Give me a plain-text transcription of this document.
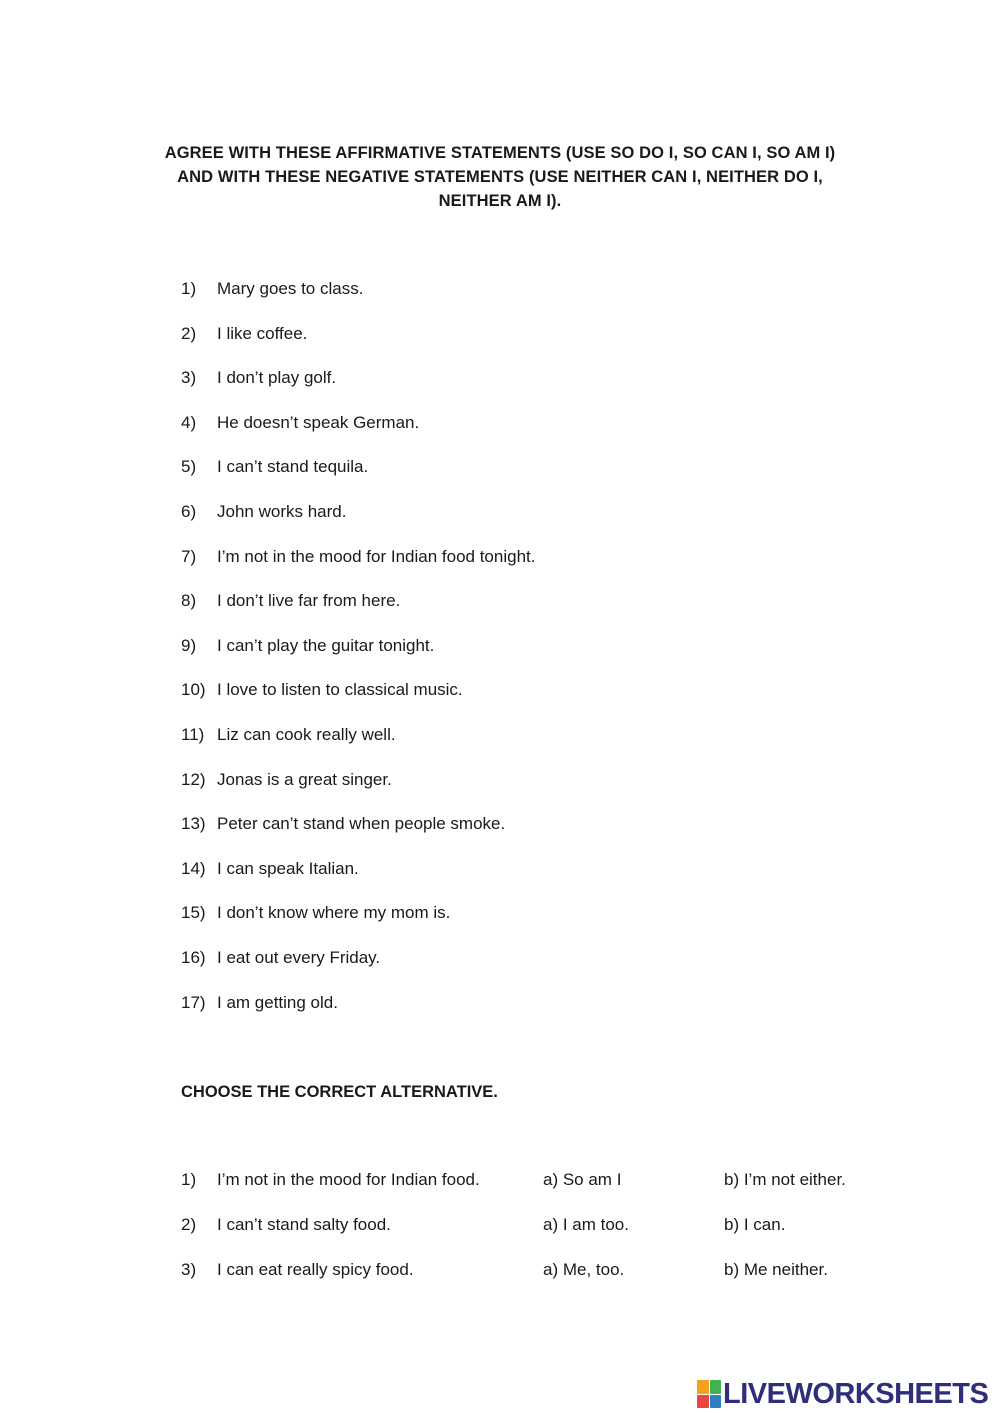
AGREE WITH THESE AFFIRMATIVE STATEMENTS (USE SO DO I, SO CAN I, SO AM I)
AND WITH THESE NEGATIVE STATEMENTS (USE NEITHER CAN I, NEITHER DO I,
NEITHER AM I).
1) Mary goes to class.
2) I like coffee.
3) I don’t play golf.
4) He doesn’t speak German.
5) I can’t stand tequila.
6) John works hard.
7) I’m not in the mood for Indian food tonight.
8) I don’t live far from here.
9) I can’t play the guitar tonight.
10) I love to listen to classical music.
11) Liz can cook really well.
12) Jonas is a great singer.
13) Peter can’t stand when people smoke.
14) I can speak Italian.
15) I don’t know where my mom is.
16) I eat out every Friday.
17) I am getting old.
CHOOSE THE CORRECT ALTERNATIVE.
1) I’m not in the mood for Indian food.	a) So am I	b) I’m not either.
2) I can’t stand salty food.	a) I am too.	b) I can.
3) I can eat really spicy food.	a) Me, too.	b) Me neither.
LIVEWORKSHEETS
